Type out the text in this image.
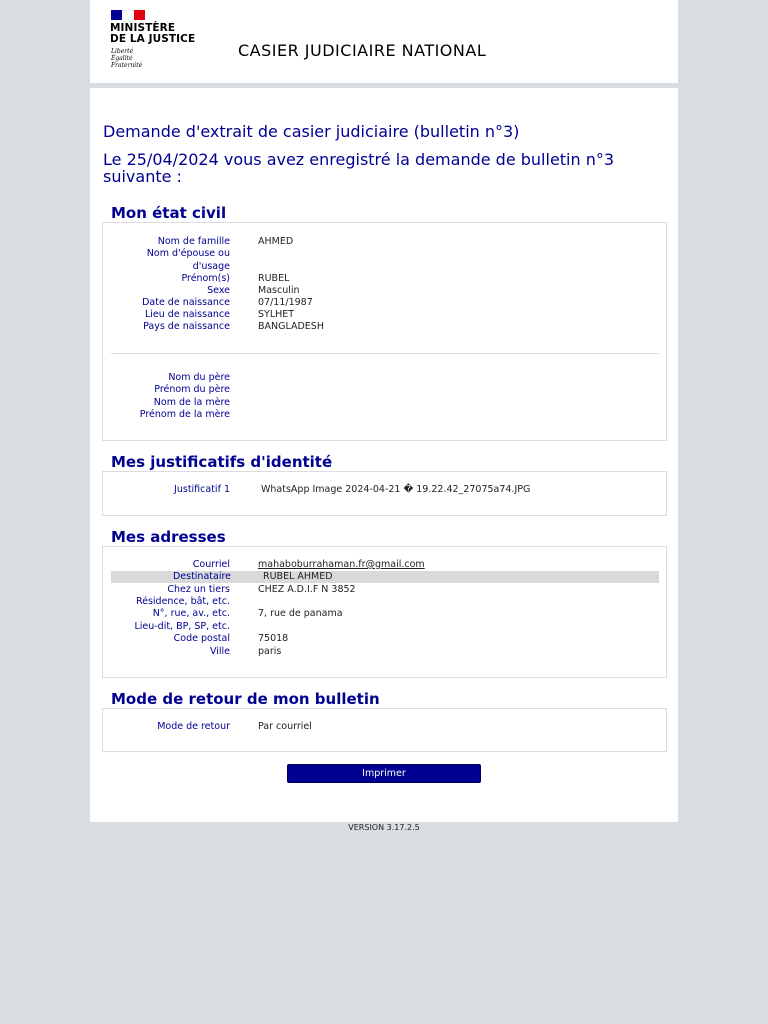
MINISTÈRE
DE LA JUSTICE
Liberté
Égalité
Fraternité
CASIER JUDICIAIRE NATIONAL
Demande d'extrait de casier judiciaire (bulletin n°3)
Le 25/04/2024 vous avez enregistré la demande de bulletin n°3 suivante :
Mon état civil
Nom de famille	AHMED
Nom d'épouse ou
d'usage
Prénom(s)	RUBEL
Sexe	Masculin
Date de naissance	07/11/1987
Lieu de naissance	SYLHET
Pays de naissance	BANGLADESH
Nom du père
Prénom du père
Nom de la mère
Prénom de la mère
Mes justificatifs d'identité
Justificatif 1	WhatsApp Image 2024-04-21 � 19.22.42_27075a74.JPG
Mes adresses
Courriel	mahaboburrahaman.fr@gmail.com
Destinataire	RUBEL AHMED
Chez un tiers	CHEZ A.D.I.F N 3852
Résidence, bât, etc.
N°, rue, av., etc.	7, rue de panama
Lieu-dit, BP, SP, etc.
Code postal	75018
Ville	paris
Mode de retour de mon bulletin
Mode de retour	Par courriel
Imprimer
VERSION 3.17.2.5
